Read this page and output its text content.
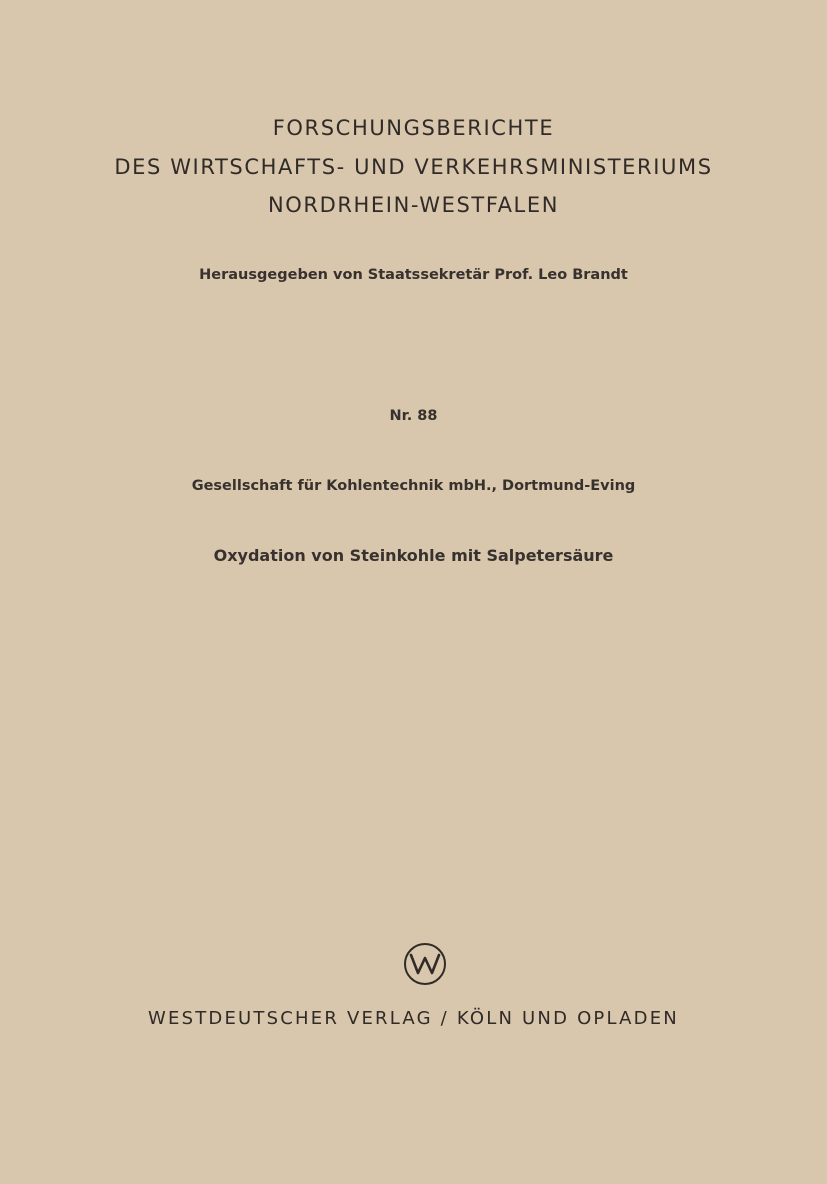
FORSCHUNGSBERICHTE
DES WIRTSCHAFTS- UND VERKEHRSMINISTERIUMS
NORDRHEIN-WESTFALEN
Herausgegeben von Staatssekretär Prof. Leo Brandt
Nr. 88
Gesellschaft für Kohlentechnik mbH., Dortmund-Eving
Oxydation von Steinkohle mit Salpetersäure
WESTDEUTSCHER VERLAG / KÖLN UND OPLADEN
